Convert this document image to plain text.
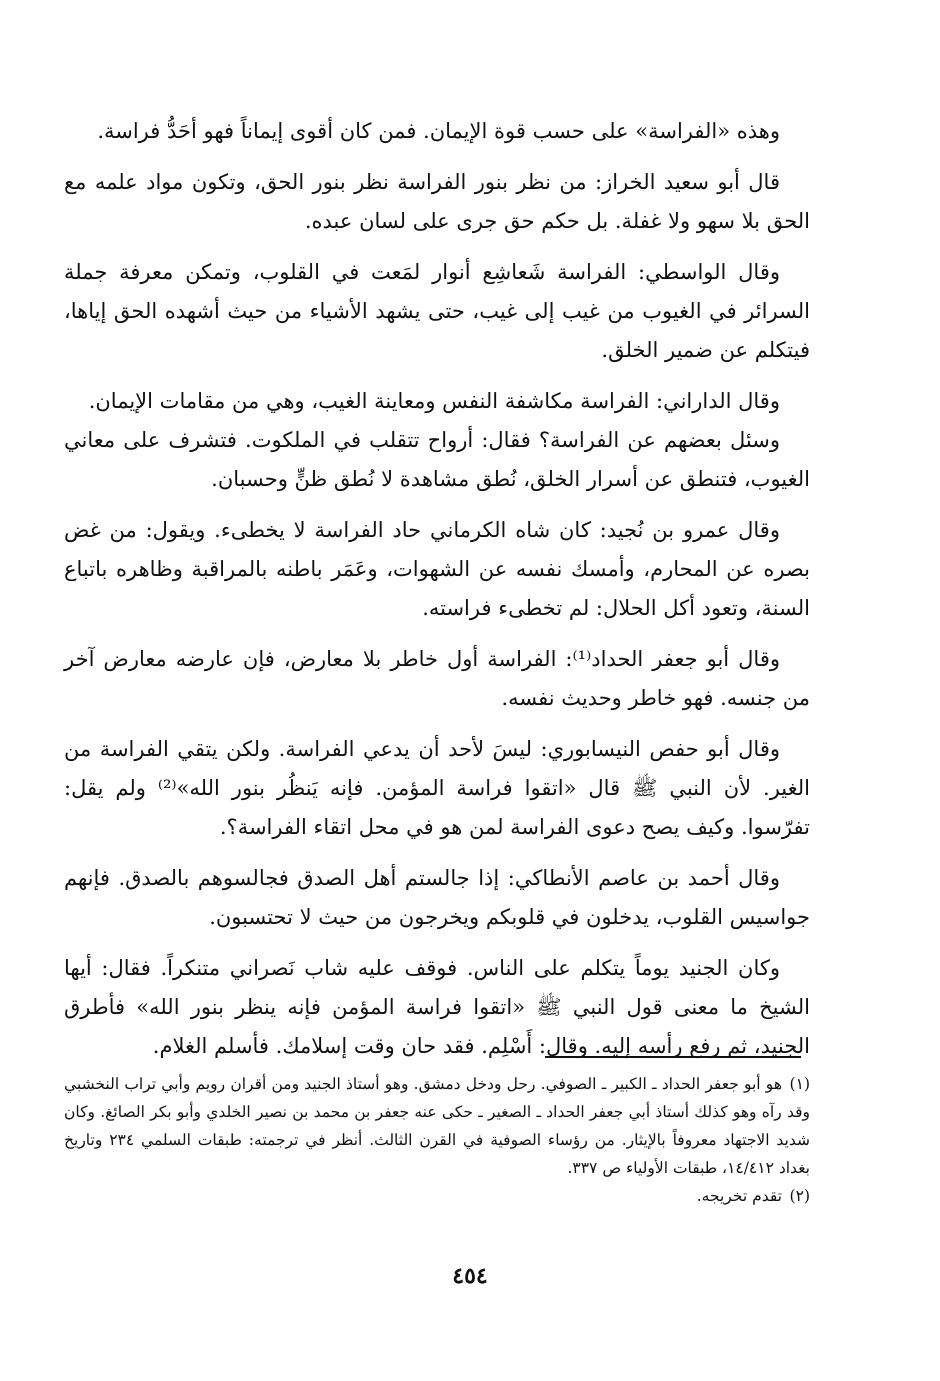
وهذه «الفراسة» على حسب قوة الإيمان. فمن كان أقوى إيماناً فهو أحَدُّ فراسة.

قال أبو سعيد الخراز: من نظر بنور الفراسة نظر بنور الحق، وتكون مواد علمه مع الحق بلا سهو ولا غفلة. بل حكم حق جرى على لسان عبده.

وقال الواسطي: الفراسة شَعاشِع أنوار لمَعت في القلوب، وتمكن معرفة جملة السرائر في الغيوب من غيب إلى غيب، حتى يشهد الأشياء من حيث أشهده الحق إياها، فيتكلم عن ضمير الخلق.

وقال الداراني: الفراسة مكاشفة النفس ومعاينة الغيب، وهي من مقامات الإيمان.

وسئل بعضهم عن الفراسة؟ فقال: أرواح تتقلب في الملكوت. فتشرف على معاني الغيوب، فتنطق عن أسرار الخلق، نُطق مشاهدة لا نُطق ظنٍّ وحسبان.

وقال عمرو بن نُجيد: كان شاه الكرماني حاد الفراسة لا يخطىء. ويقول: من غض بصره عن المحارم، وأمسك نفسه عن الشهوات، وعَمَر باطنه بالمراقبة وظاهره باتباع السنة، وتعود أكل الحلال: لم تخطىء فراسته.

وقال أبو جعفر الحداد⁽¹⁾: الفراسة أول خاطر بلا معارض، فإن عارضه معارض آخر من جنسه. فهو خاطر وحديث نفسه.

وقال أبو حفص النيسابوري: ليسَ لأحد أن يدعي الفراسة. ولكن يتقي الفراسة من الغير. لأن النبي ﷺ قال «اتقوا فراسة المؤمن. فإنه يَنظُر بنور الله»⁽²⁾ ولم يقل: تفرّسوا. وكيف يصح دعوى الفراسة لمن هو في محل اتقاء الفراسة؟.

وقال أحمد بن عاصم الأنطاكي: إذا جالستم أهل الصدق فجالسوهم بالصدق. فإنهم جواسيس القلوب، يدخلون في قلوبكم ويخرجون من حيث لا تحتسبون.

وكان الجنيد يوماً يتكلم على الناس. فوقف عليه شاب نَصراني متنكراً. فقال: أيها الشيخ ما معنى قول النبي ﷺ «اتقوا فراسة المؤمن فإنه ينظر بنور الله» فأطرق الجنيد، ثم رفع رأسه إليه. وقال: أَسْلِم. فقد حان وقت إسلامك. فأسلم الغلام.

(١)هو أبو جعفر الحداد ـ الكبير ـ الصوفي. رحل ودخل دمشق. وهو أستاذ الجنيد ومن أقران رويم وأبي تراب النخشبي وقد رآه وهو كذلك أستاذ أبي جعفر الحداد ـ الصغير ـ حكى عنه جعفر بن محمد بن نصير الخلدي وأبو بكر الصائغ. وكان شديد الاجتهاد معروفاً بالإيثار. من رؤساء الصوفية في القرن الثالث. أنظر في ترجمته: طبقات السلمي ٢٣٤ وتاريخ بغداد ١٤/٤١٢، طبقات الأولياء ص ٣٣٧.

(٢)تقدم تخريجه.

٤٥٤
